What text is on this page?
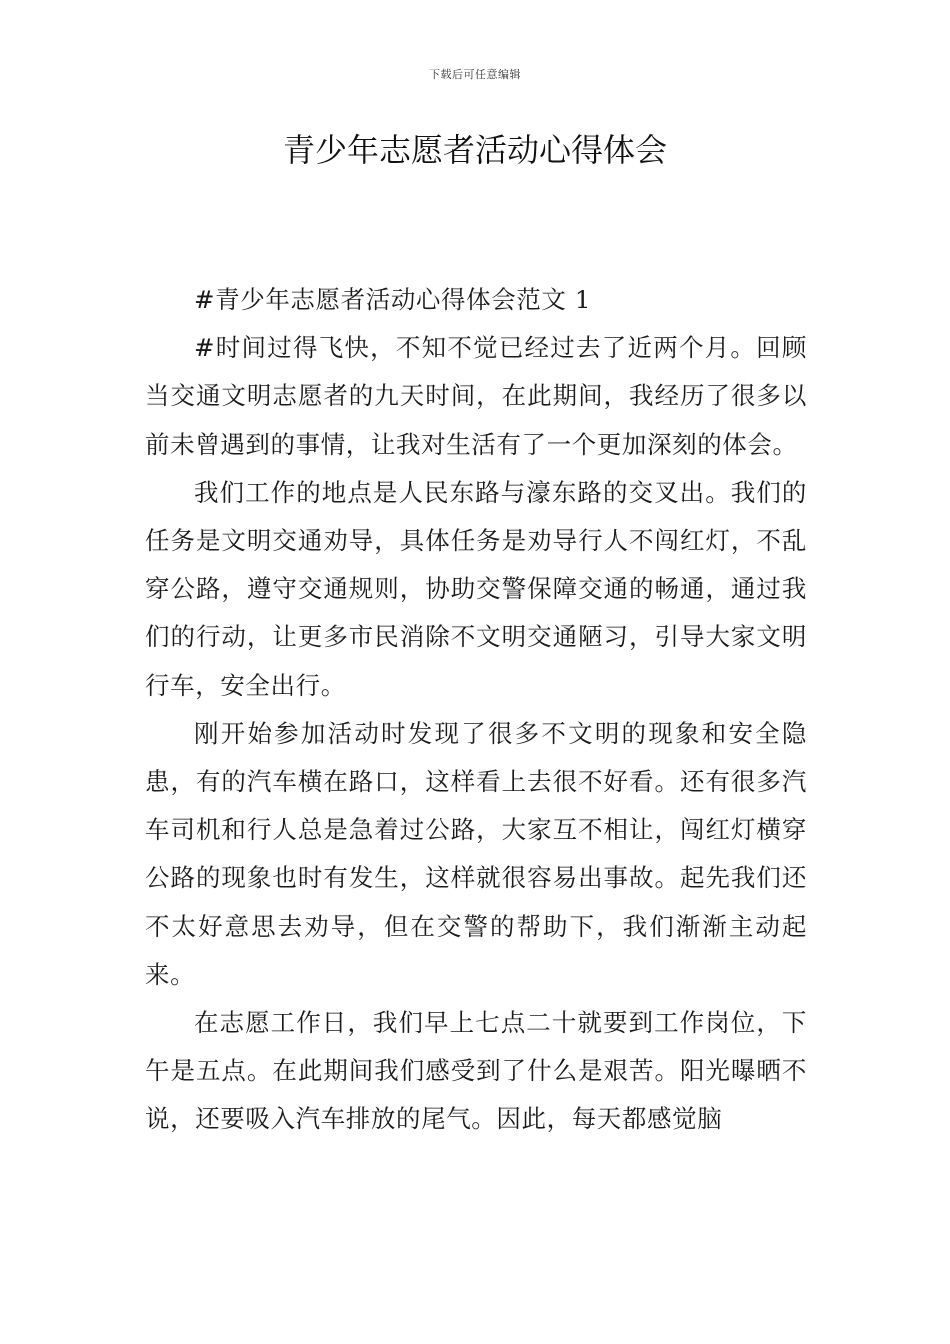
下载后可任意编辑
青少年志愿者活动心得体会

#青少年志愿者活动心得体会范文 1

#时间过得飞快，不知不觉已经过去了近两个月。回顾当交通文明志愿者的九天时间，在此期间，我经历了很多以前未曾遇到的事情，让我对生活有了一个更加深刻的体会。

我们工作的地点是人民东路与濠东路的交叉出。我们的任务是文明交通劝导，具体任务是劝导行人不闯红灯，不乱穿公路，遵守交通规则，协助交警保障交通的畅通，通过我们的行动，让更多市民消除不文明交通陋习，引导大家文明行车，安全出行。

刚开始参加活动时发现了很多不文明的现象和安全隐患，有的汽车横在路口，这样看上去很不好看。还有很多汽车司机和行人总是急着过公路，大家互不相让，闯红灯横穿公路的现象也时有发生，这样就很容易出事故。起先我们还不太好意思去劝导，但在交警的帮助下，我们渐渐主动起来。

在志愿工作日，我们早上七点二十就要到工作岗位，下午是五点。在此期间我们感受到了什么是艰苦。阳光曝晒不说，还要吸入汽车排放的尾气。因此，每天都感觉脑
